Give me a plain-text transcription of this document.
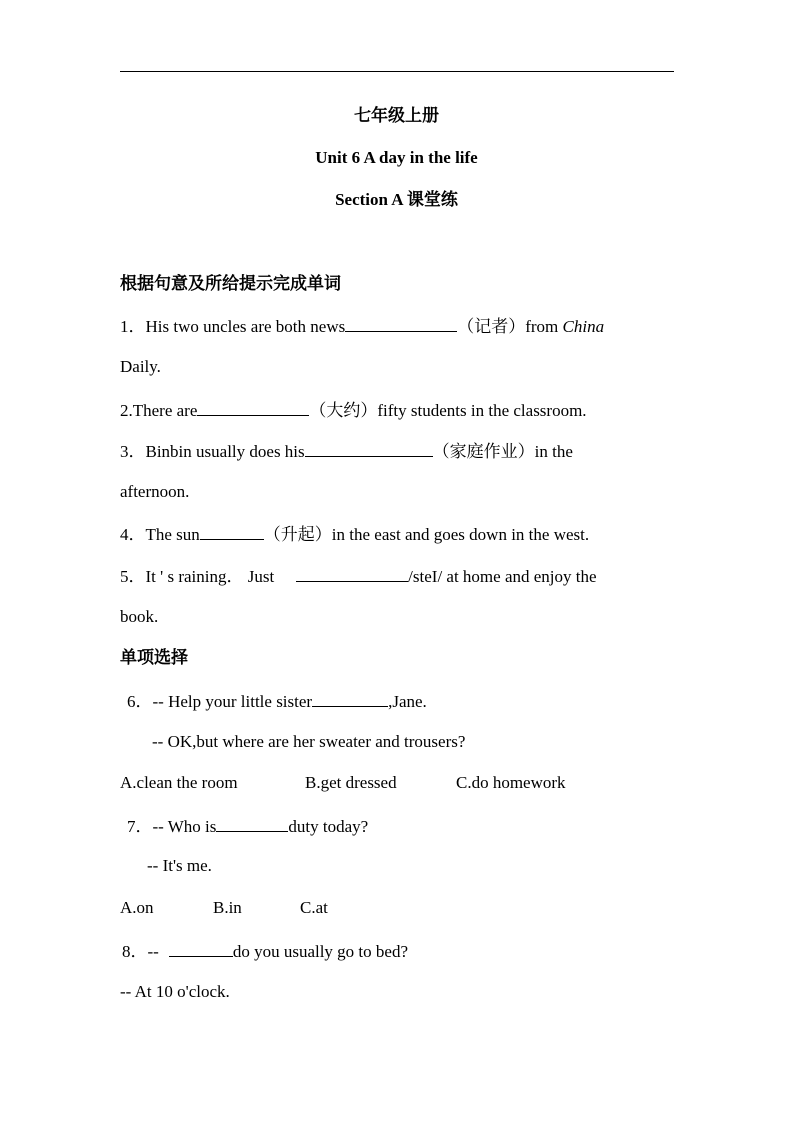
七年级上册
Unit 6 A day in the life
Section A 课堂练
根据句意及所给提示完成单词
1．His two uncles are both news	（记者）from China
Daily.
2.There are	（大约）fifty students in the classroom.
3．Binbin usually does his	（家庭作业）in the
afternoon.
4．The sun	（升起）in the east and goes down in the west.
5．It ' s raining． Just	/steI/ at home and enjoy the
book.
单项选择
6．-- Help your little sister	,Jane.
-- OK,but where are her sweater and trousers?
A.clean the room	B.get dressed	C.do homework
7．-- Who is	duty today?
-- It's me.
A.on	B.in	C.at
8．--	do you usually go to bed?
-- At 10 o'clock.
